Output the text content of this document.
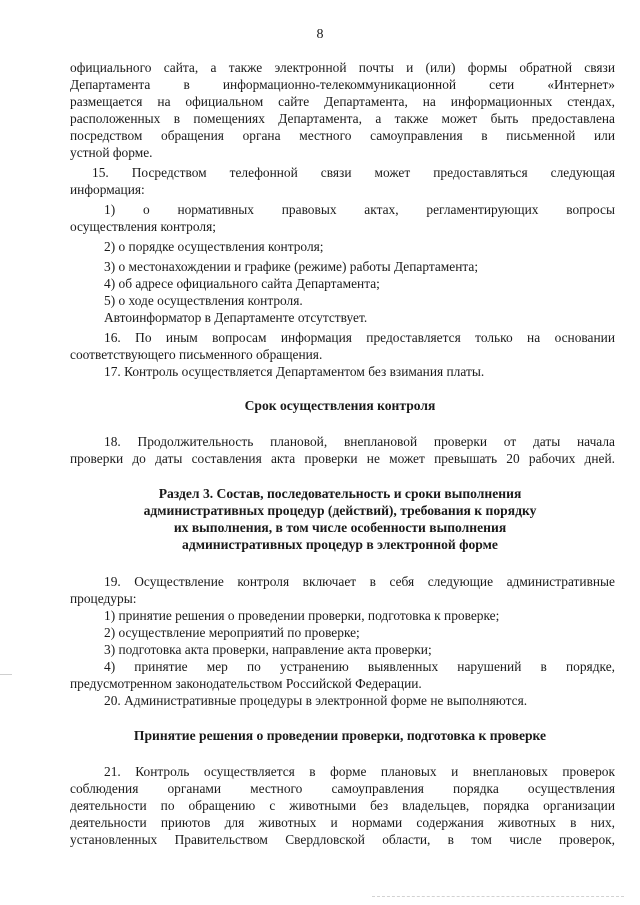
8
официального сайта, а также электронной почты и (или) формы обратной связи
Департамента в информационно-телекоммуникационной сети «Интернет»
размещается на официальном сайте Департамента, на информационных стендах,
расположенных в помещениях Департамента, а также может быть предоставлена
посредством обращения органа местного самоуправления в письменной или
устной форме.
15. Посредством телефонной связи может предоставляться следующая
информация:
1) о нормативных правовых актах, регламентирующих вопросы
осуществления контроля;
2) о порядке осуществления контроля;
3) о местонахождении и графике (режиме) работы Департамента;
4) об адресе официального сайта Департамента;
5) о ходе осуществления контроля.
Автоинформатор в Департаменте отсутствует.
16. По иным вопросам информация предоставляется только на основании
соответствующего письменного обращения.
17. Контроль осуществляется Департаментом без взимания платы.
Срок осуществления контроля
18. Продолжительность плановой, внеплановой проверки от даты начала
проверки до даты составления акта проверки не может превышать 20 рабочих дней.
Раздел 3. Состав, последовательность и сроки выполнения
административных процедур (действий), требования к порядку
их выполнения, в том числе особенности выполнения
административных процедур в электронной форме
19. Осуществление контроля включает в себя следующие административные
процедуры:
1) принятие решения о проведении проверки, подготовка к проверке;
2) осуществление мероприятий по проверке;
3) подготовка акта проверки, направление акта проверки;
4) принятие мер по устранению выявленных нарушений в порядке,
предусмотренном законодательством Российской Федерации.
20. Административные процедуры в электронной форме не выполняются.
Принятие решения о проведении проверки, подготовка к проверке
21. Контроль осуществляется в форме плановых и внеплановых проверок
соблюдения органами местного самоуправления порядка осуществления
деятельности по обращению с животными без владельцев, порядка организации
деятельности приютов для животных и нормами содержания животных в них,
установленных Правительством Свердловской области, в том числе проверок,
